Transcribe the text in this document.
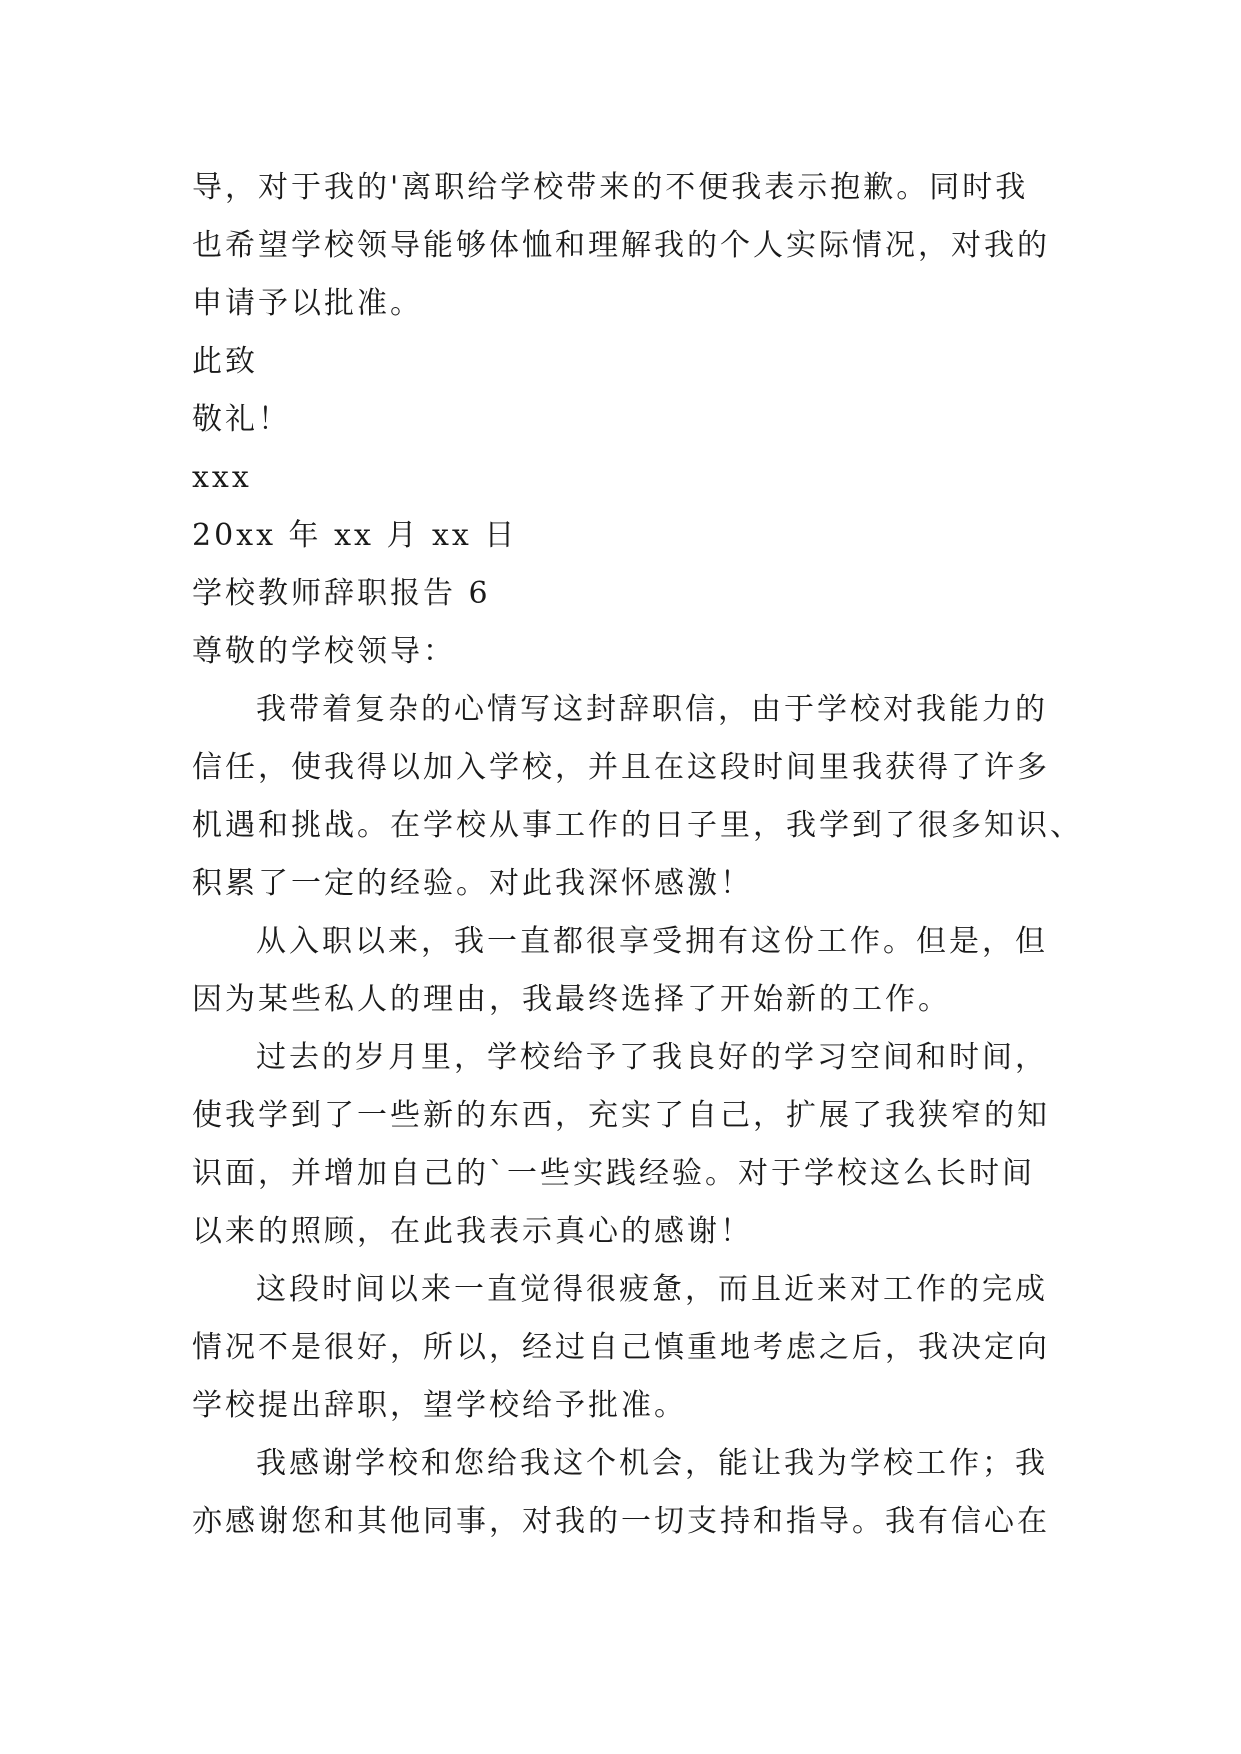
导，对于我的'离职给学校带来的不便我表示抱歉。同时我
也希望学校领导能够体恤和理解我的个人实际情况，对我的
申请予以批准。
此致
敬礼！
xxx
20xx 年 xx 月 xx 日
学校教师辞职报告 6
尊敬的学校领导：
我带着复杂的心情写这封辞职信，由于学校对我能力的
信任，使我得以加入学校，并且在这段时间里我获得了许多
机遇和挑战。在学校从事工作的日子里，我学到了很多知识、
积累了一定的经验。对此我深怀感激！
从入职以来，我一直都很享受拥有这份工作。但是，但
因为某些私人的理由，我最终选择了开始新的工作。
过去的岁月里，学校给予了我良好的学习空间和时间，
使我学到了一些新的东西，充实了自己，扩展了我狭窄的知
识面，并增加自己的`一些实践经验。对于学校这么长时间
以来的照顾，在此我表示真心的感谢！
这段时间以来一直觉得很疲惫，而且近来对工作的完成
情况不是很好，所以，经过自己慎重地考虑之后，我决定向
学校提出辞职，望学校给予批准。
我感谢学校和您给我这个机会，能让我为学校工作；我
亦感谢您和其他同事，对我的一切支持和指导。我有信心在
